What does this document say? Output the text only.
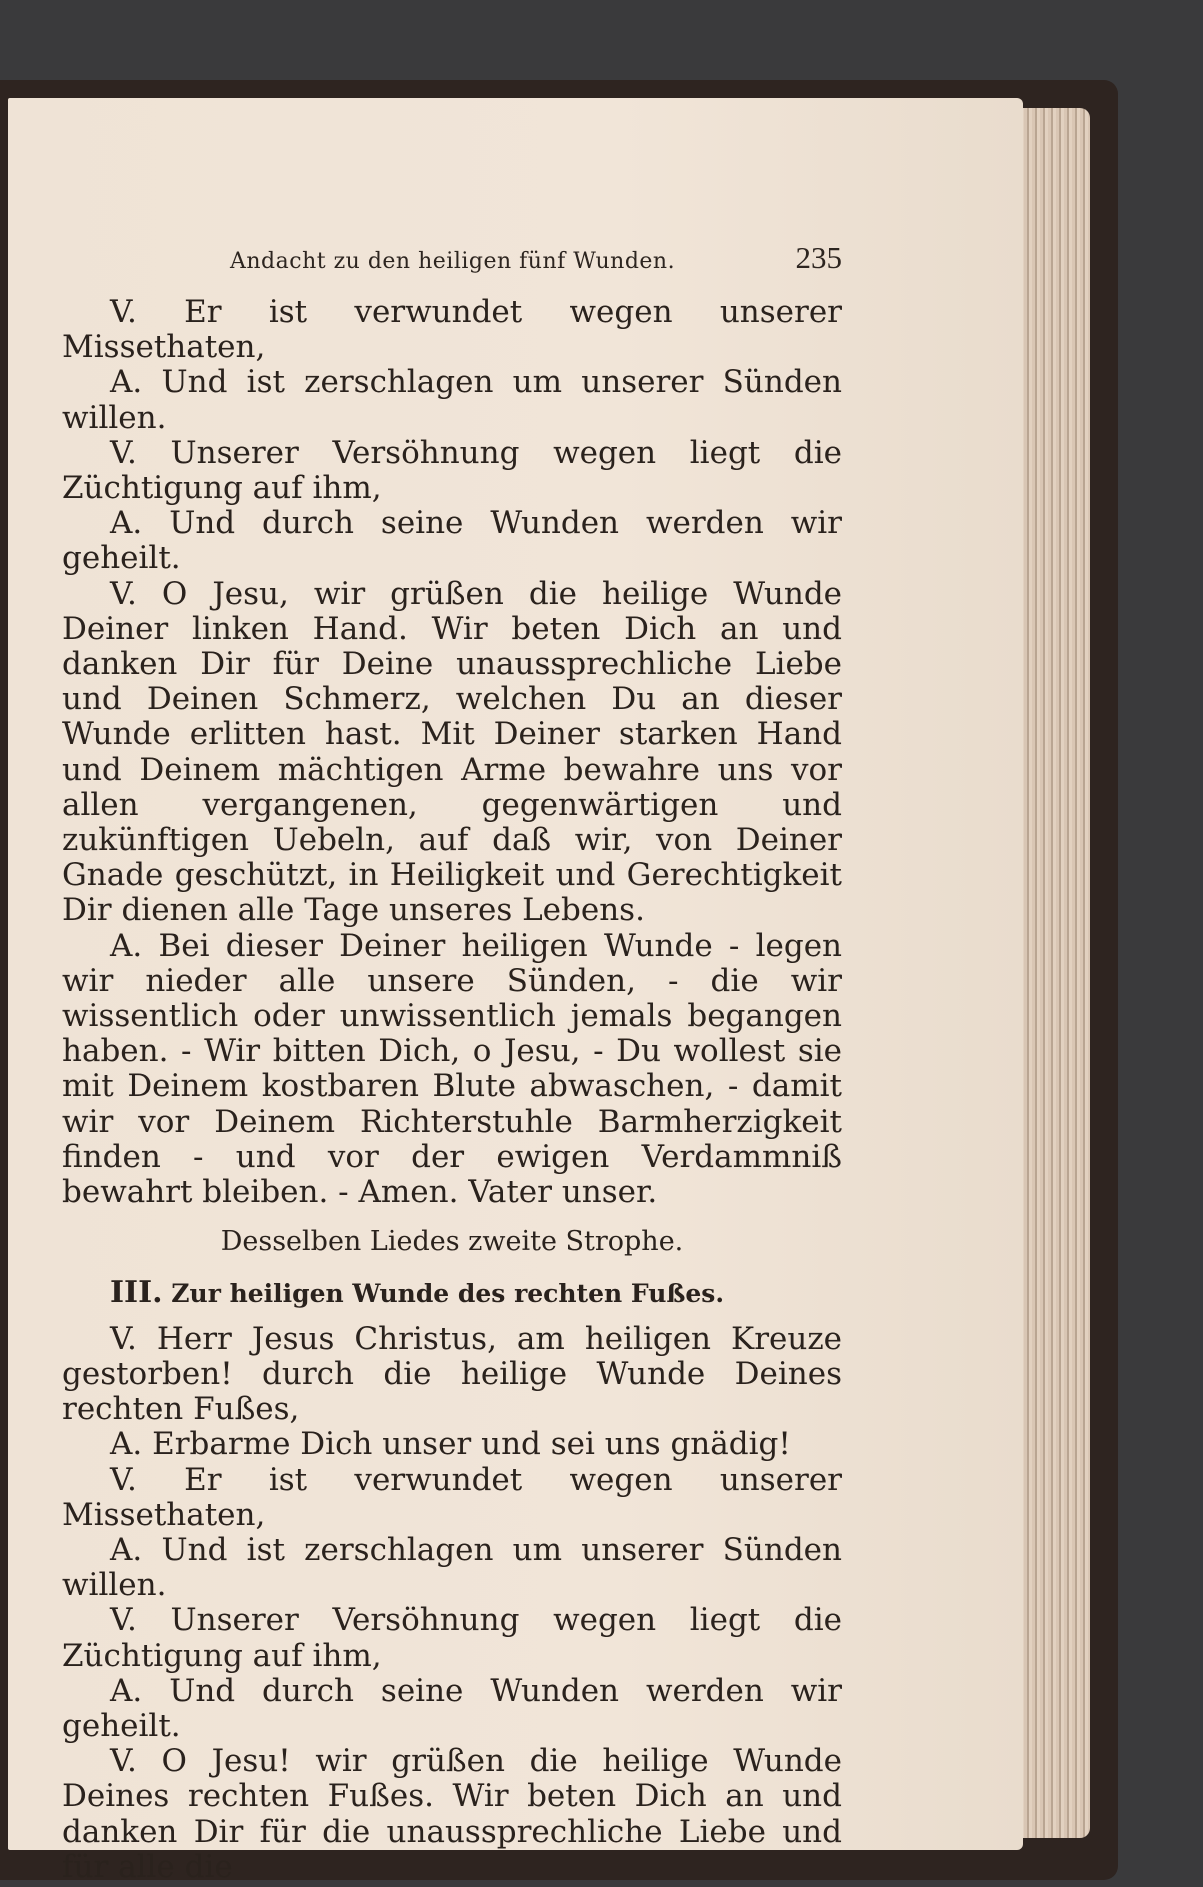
Andacht zu den heiligen fünf Wunden.	235

V. Er ist verwundet wegen unserer Missethaten,

A. Und ist zerschlagen um unserer Sünden willen.

V. Unserer Versöhnung wegen liegt die Züchtigung auf ihm,

A. Und durch seine Wunden werden wir geheilt.

V. O Jesu, wir grüßen die heilige Wunde Deiner linken Hand. Wir beten Dich an und danken Dir für Deine unaussprechliche Liebe und Deinen Schmerz, welchen Du an dieser Wunde erlitten hast. Mit Deiner starken Hand und Deinem mächtigen Arme bewahre uns vor allen vergangenen, gegenwärtigen und zukünftigen Uebeln, auf daß wir, von Deiner Gnade geschützt, in Heiligkeit und Gerechtigkeit Dir dienen alle Tage unseres Lebens.

A. Bei dieser Deiner heiligen Wunde - legen wir nieder alle unsere Sünden, - die wir wissentlich oder unwissentlich jemals begangen haben. - Wir bitten Dich, o Jesu, - Du wollest sie mit Deinem kostbaren Blute abwaschen, - damit wir vor Deinem Richterstuhle Barmherzigkeit finden - und vor der ewigen Verdammniß bewahrt bleiben. - Amen. Vater unser.

Desselben Liedes zweite Strophe.

III. Zur heiligen Wunde des rechten Fußes.

V. Herr Jesus Christus, am heiligen Kreuze gestorben! durch die heilige Wunde Deines rechten Fußes,

A. Erbarme Dich unser und sei uns gnädig!

V. Er ist verwundet wegen unserer Missethaten,

A. Und ist zerschlagen um unserer Sünden willen.

V. Unserer Versöhnung wegen liegt die Züchtigung auf ihm,

A. Und durch seine Wunden werden wir geheilt.

V. O Jesu! wir grüßen die heilige Wunde Deines rechten Fußes. Wir beten Dich an und danken Dir für die unaussprechliche Liebe und für alle die
